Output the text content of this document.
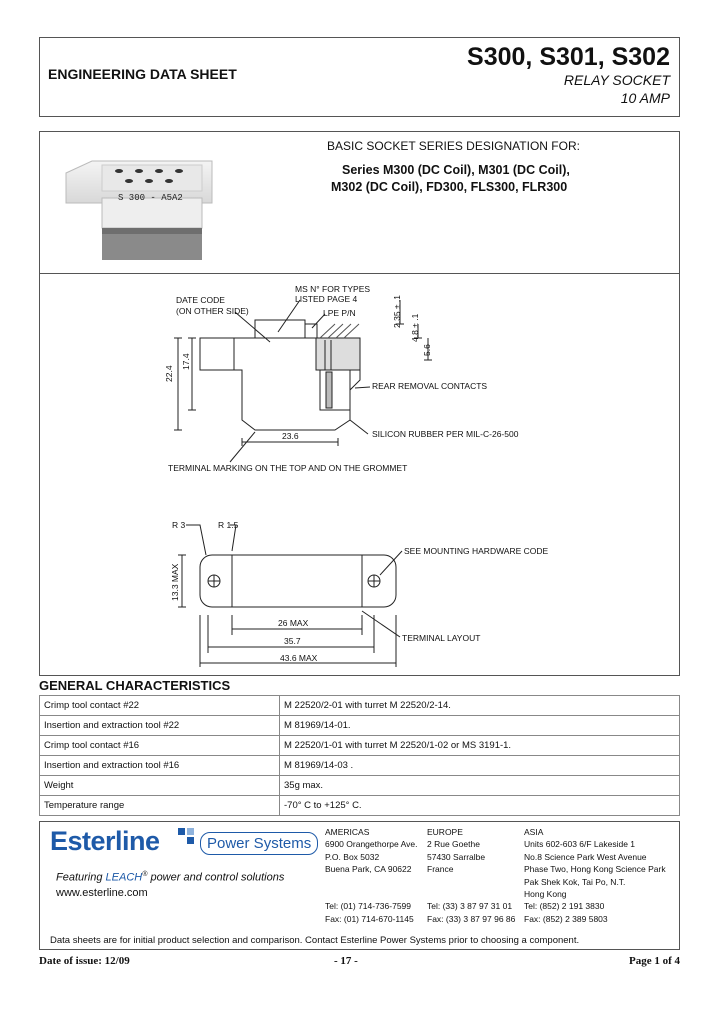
ENGINEERING DATA SHEET
S300, S301, S302
RELAY SOCKET
10 AMP
S 300 - A5A2
BASIC SOCKET SERIES DESIGNATION FOR:
Series M300 (DC Coil), M301 (DC Coil),
M302 (DC Coil), FD300, FLS300, FLR300
DATE CODE
(ON OTHER SIDE)
MS N° FOR TYPES
LISTED PAGE 4
LPE P/N
REAR REMOVAL CONTACTS
SILICON RUBBER PER MIL-C-26-500
TERMINAL MARKING ON THE TOP AND ON THE GROMMET
22.4
17.4
23.6
2.35 ± .1 4.8 ± .1
5.6
R 3	R 1.5
SEE MOUNTING HARDWARE CODE
13.3 MAX
26 MAX
35.7
43.6 MAX
TERMINAL LAYOUT
GENERAL CHARACTERISTICS
Crimp tool contact #22	M 22520/2-01 with turret M 22520/2-14.
Insertion and extraction tool #22	M 81969/14-01.
Crimp tool contact #16	M 22520/1-01 with turret M 22520/1-02 or MS 3191-1.
Insertion and extraction tool #16	M 81969/14-03 .
Weight	35g max.
Temperature range	-70° C to +125° C.
Esterline	Power Systems
Featuring LEACH® power and control solutions
www.esterline.com
AMERICAS
6900 Orangethorpe Ave.
P.O. Box 5032
Buena Park, CA 90622
Tel: (01) 714-736-7599
Fax: (01) 714-670-1145
EUROPE
2 Rue Goethe
57430 Sarralbe
France
Tel: (33) 3 87 97 31 01
Fax: (33) 3 87 97 96 86
ASIA
Units 602-603 6/F Lakeside 1
No.8 Science Park West Avenue
Phase Two, Hong Kong Science Park
Pak Shek Kok, Tai Po, N.T.
Hong Kong
Tel: (852) 2 191 3830
Fax: (852) 2 389 5803
Data sheets are for initial product selection and comparison. Contact Esterline Power Systems prior to choosing a component.
Date of issue: 12/09	- 17 -	Page 1 of 4
